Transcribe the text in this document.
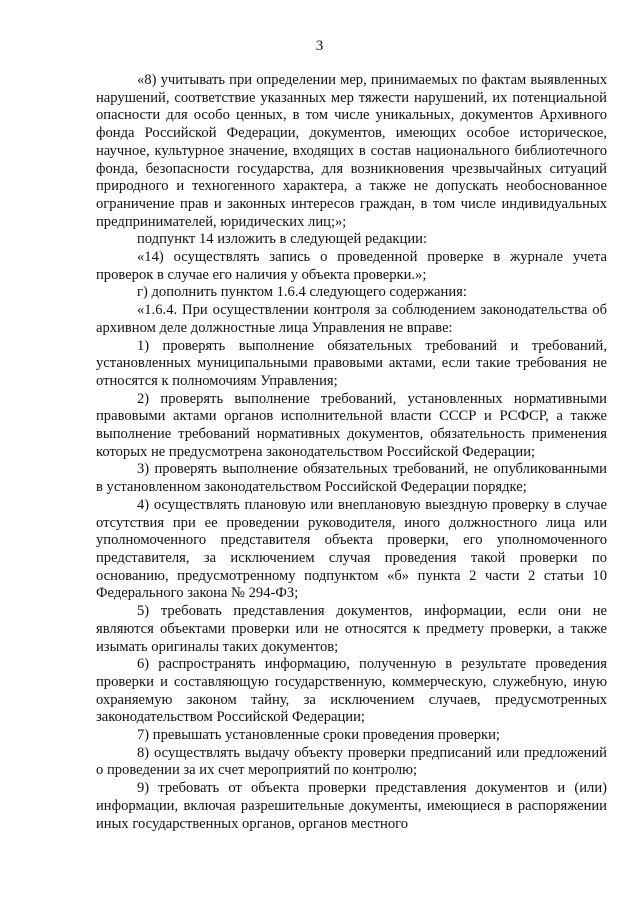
3

«8) учитывать при определении мер, принимаемых по фактам выявленных нарушений, соответствие указанных мер тяжести нарушений, их потенциальной опасности для особо ценных, в том числе уникальных, документов Архивного фонда Российской Федерации, документов, имеющих особое историческое, научное, культурное значение, входящих в состав национального библиотечного фонда, безопасности государства, для возникновения чрезвычайных ситуаций природного и техногенного характера, а также не допускать необоснованное ограничение прав и законных интересов граждан, в том числе индивидуальных предпринимателей, юридических лиц;»;

подпункт 14 изложить в следующей редакции:

«14) осуществлять запись о проведенной проверке в журнале учета проверок в случае его наличия у объекта проверки.»;

г) дополнить пунктом 1.6.4 следующего содержания:

«1.6.4. При осуществлении контроля за соблюдением законодательства об архивном деле должностные лица Управления не вправе:

1) проверять выполнение обязательных требований и требований, установленных муниципальными правовыми актами, если такие требования не относятся к полномочиям Управления;

2) проверять выполнение требований, установленных нормативными правовыми актами органов исполнительной власти СССР и РСФСР, а также выполнение требований нормативных документов, обязательность применения которых не предусмотрена законодательством Российской Федерации;

3) проверять выполнение обязательных требований, не опубликованными в установленном законодательством Российской Федерации порядке;

4) осуществлять плановую или внеплановую выездную проверку в случае отсутствия при ее проведении руководителя, иного должностного лица или уполномоченного представителя объекта проверки, его уполномоченного представителя, за исключением случая проведения такой проверки по основанию, предусмотренному подпунктом «б» пункта 2 части 2 статьи 10 Федерального закона № 294-ФЗ;

5) требовать представления документов, информации, если они не являются объектами проверки или не относятся к предмету проверки, а также изымать оригиналы таких документов;

6) распространять информацию, полученную в результате проведения проверки и составляющую государственную, коммерческую, служебную, иную охраняемую законом тайну, за исключением случаев, предусмотренных законодательством Российской Федерации;

7) превышать установленные сроки проведения проверки;

8) осуществлять выдачу объекту проверки предписаний или предложений о проведении за их счет мероприятий по контролю;

9) требовать от объекта проверки представления документов и (или) информации, включая разрешительные документы, имеющиеся в распоряжении иных государственных органов, органов местного
